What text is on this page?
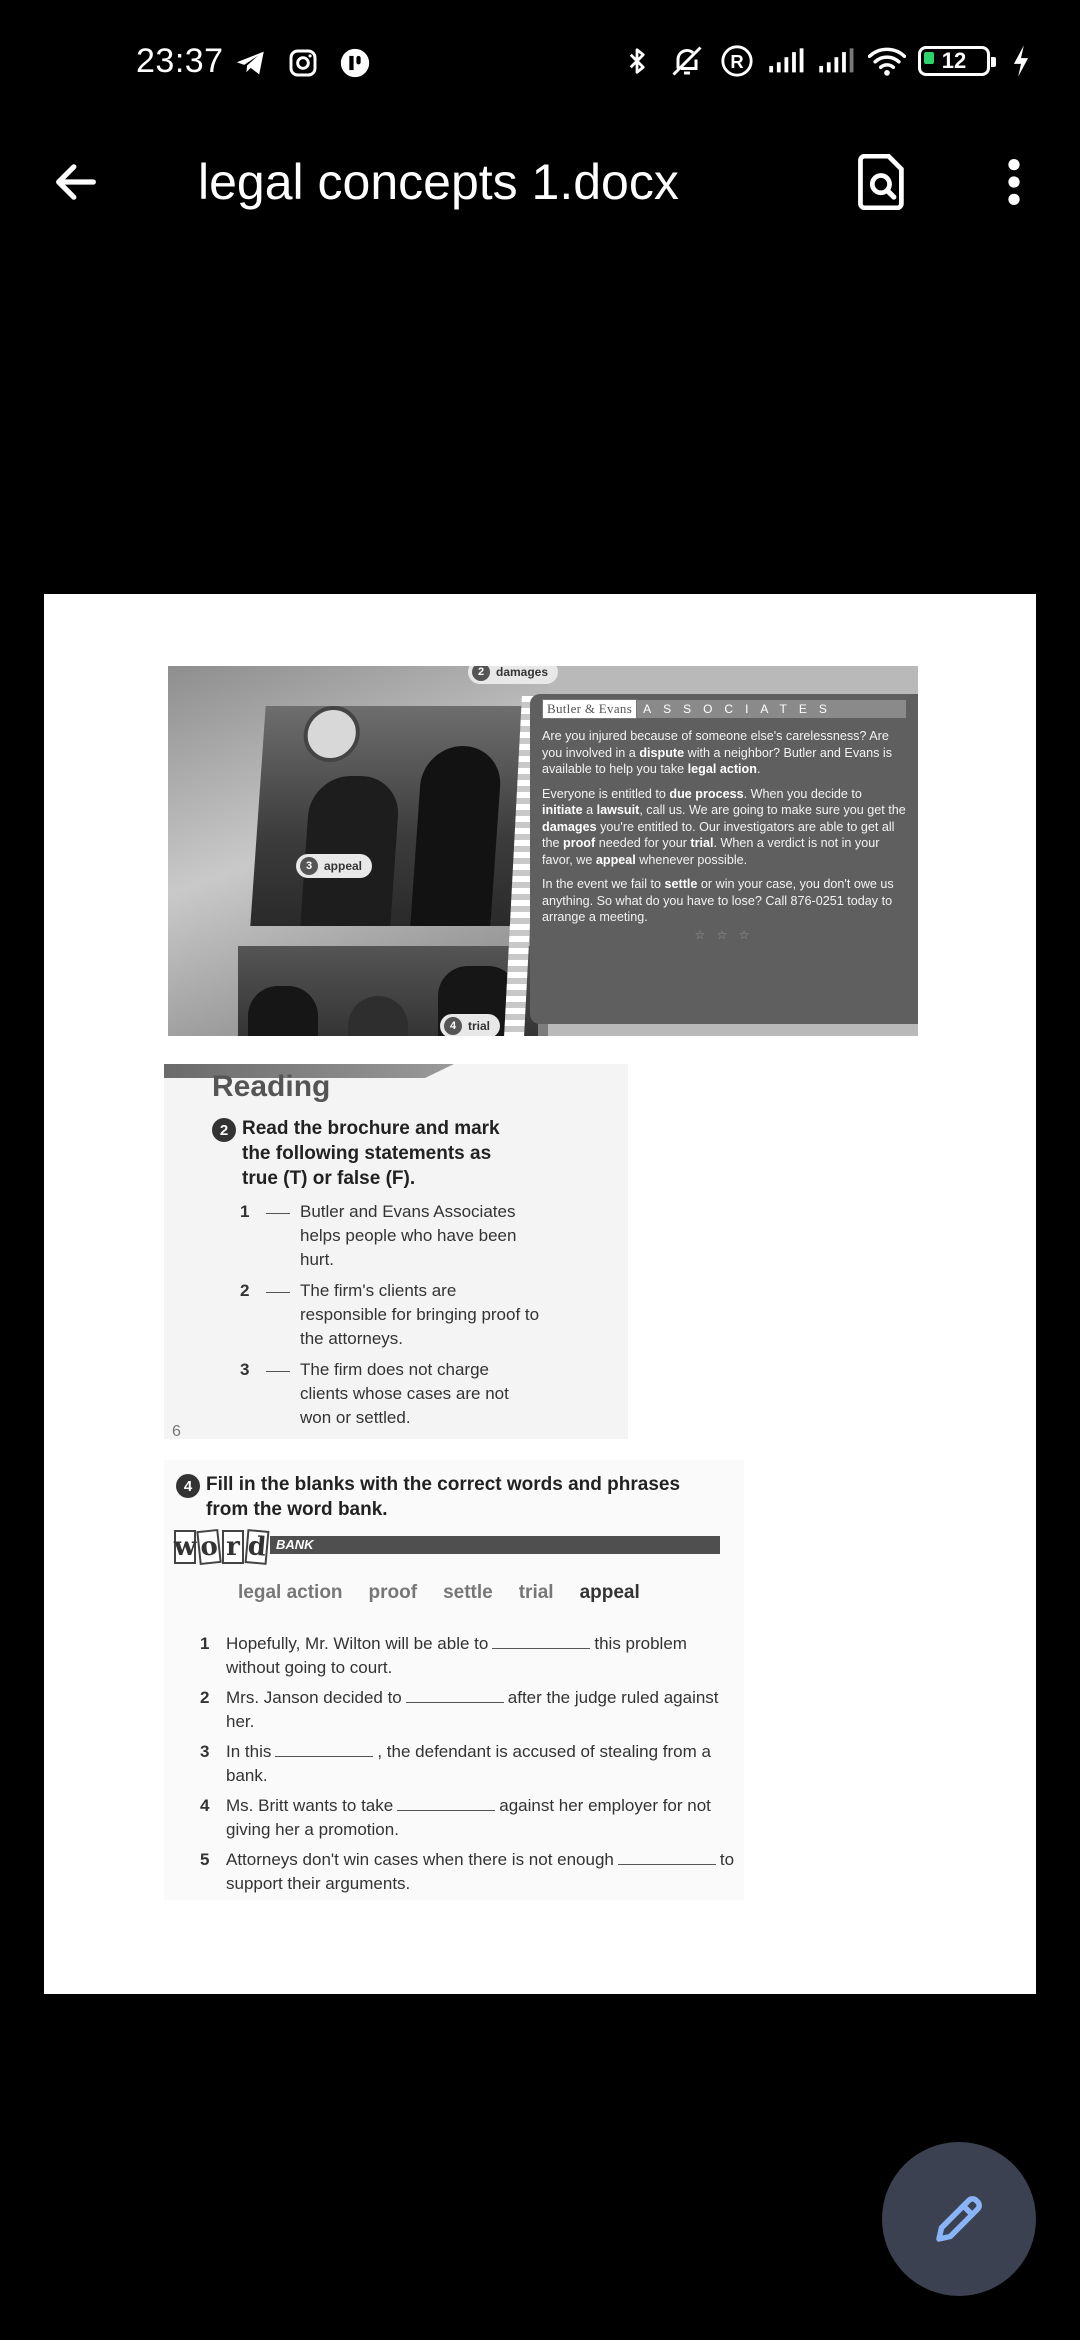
23:37	R	12
legal concepts 1.docx
2 damages
3 appeal
4 trial
Butler & Evans ASSOCIATES

Are you injured because of someone else's carelessness? Are you involved in a dispute with a neighbor? Butler and Evans is available to help you take legal action.

Everyone is entitled to due process. When you decide to initiate a lawsuit, call us. We are going to make sure you get the damages you're entitled to. Our investigators are able to get all the proof needed for your trial. When a verdict is not in your favor, we appeal whenever possible.

In the event we fail to settle or win your case, you don't owe us anything. So what do you have to lose? Call 876-0251 today to arrange a meeting.

☆ ☆ ☆
Reading
2 Read the brochure and mark the following statements as true (T) or false (F).
1	Butler and Evans Associates helps people who have been hurt.
2	The firm's clients are responsible for bringing proof to the attorneys.
3	The firm does not charge clients whose cases are not won or settled.
6
4 Fill in the blanks with the correct words and phrases from the word bank.
w o r d BANK
legal action proof settle trial appeal
1 Hopefully, Mr. Wilton will be able to	this problem without going to court.
2 Mrs. Janson decided to	after the judge ruled against her.
3 In this	, the defendant is accused of stealing from a bank.
4 Ms. Britt wants to take	against her employer for not giving her a promotion.
5 Attorneys don't win cases when there is not enough	to support their arguments.
